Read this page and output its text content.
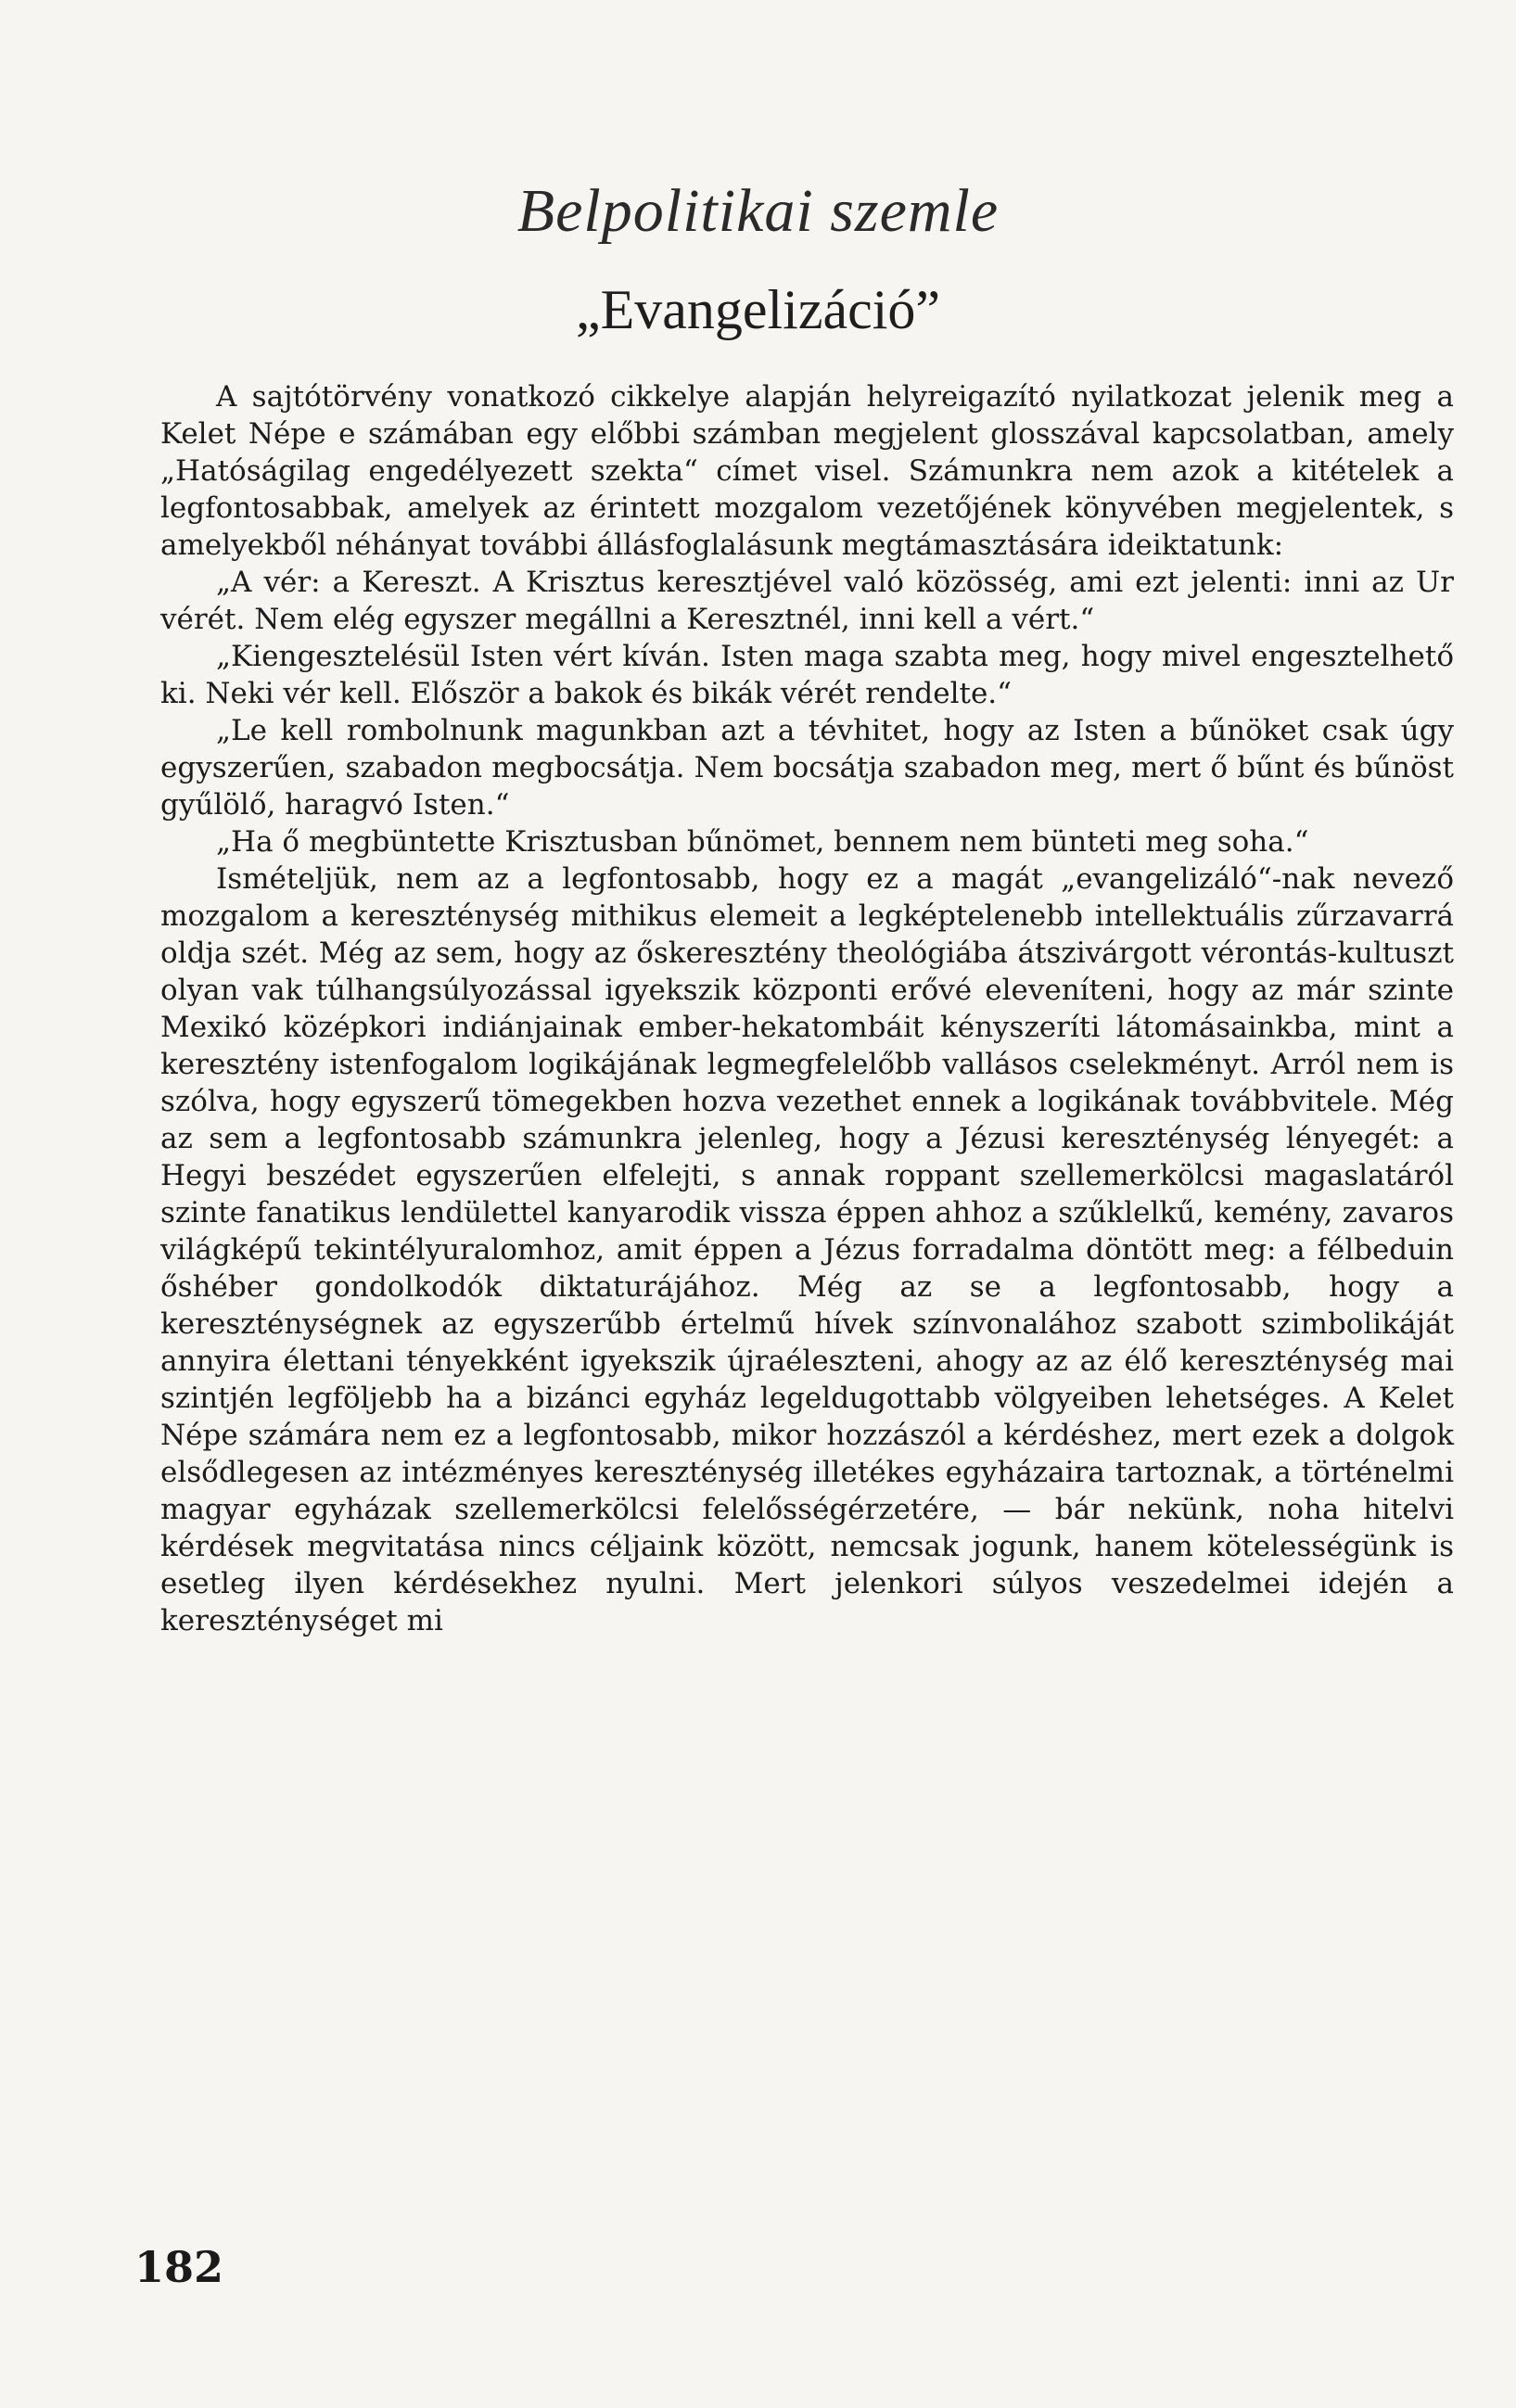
Belpolitikai szemle
„Evangelizáció”

A sajtótörvény vonatkozó cikkelye alapján helyreigazító nyilatkozat jelenik meg a Kelet Népe e számában egy előbbi számban megjelent glosszával kapcsolatban, amely „Hatóságilag engedélyezett szekta“ címet visel. Számunkra nem azok a kitételek a legfontosabbak, amelyek az érintett mozgalom vezetőjének könyvében megjelentek, s amelyekből néhányat további állásfoglalásunk megtámasztására ideiktatunk:

„A vér: a Kereszt. A Krisztus keresztjével való közösség, ami ezt jelenti: inni az Ur vérét. Nem elég egyszer megállni a Keresztnél, inni kell a vért.“

„Kiengesztelésül Isten vért kíván. Isten maga szabta meg, hogy mivel engesztelhető ki. Neki vér kell. Először a bakok és bikák vérét rendelte.“

„Le kell rombolnunk magunkban azt a tévhitet, hogy az Isten a bűnöket csak úgy egyszerűen, szabadon megbocsátja. Nem bocsátja szabadon meg, mert ő bűnt és bűnöst gyűlölő, haragvó Isten.“

„Ha ő megbüntette Krisztusban bűnömet, bennem nem bünteti meg soha.“

Ismételjük, nem az a legfontosabb, hogy ez a magát „evangelizáló“-nak nevező mozgalom a kereszténység mithikus elemeit a legképtelenebb intellektuális zűrzavarrá oldja szét. Még az sem, hogy az őskeresztény theológiába átszivárgott vérontás-kultuszt olyan vak túlhangsúlyozással igyekszik központi erővé eleveníteni, hogy az már szinte Mexikó középkori indiánjainak ember-hekatombáit kényszeríti látomásainkba, mint a keresztény istenfogalom logikájának legmegfelelőbb vallásos cselekményt. Arról nem is szólva, hogy egyszerű tömegekben hozva vezethet ennek a logikának továbbvitele. Még az sem a legfontosabb számunkra jelenleg, hogy a Jézusi kereszténység lényegét: a Hegyi beszédet egyszerűen elfelejti, s annak roppant szellemerkölcsi magaslatáról szinte fanatikus lendülettel kanyarodik vissza éppen ahhoz a szűklelkű, kemény, zavaros világképű tekintélyuralomhoz, amit éppen a Jézus forradalma döntött meg: a félbeduin őshéber gondolkodók diktaturájához. Még az se a legfontosabb, hogy a kereszténységnek az egyszerűbb értelmű hívek színvonalához szabott szimbolikáját annyira élettani tényekként igyekszik újraéleszteni, ahogy az az élő kereszténység mai szintjén legföljebb ha a bizánci egyház legeldugottabb völgyeiben lehetséges. A Kelet Népe számára nem ez a legfontosabb, mikor hozzászól a kérdéshez, mert ezek a dolgok elsődlegesen az intézményes kereszténység illetékes egyházaira tartoznak, a történelmi magyar egyházak szellemerkölcsi felelősségérzetére, — bár nekünk, noha hitelvi kérdések megvitatása nincs céljaink között, nemcsak jogunk, hanem kötelességünk is esetleg ilyen kérdésekhez nyulni. Mert jelenkori súlyos veszedelmei idején a kereszténységet mi

182
